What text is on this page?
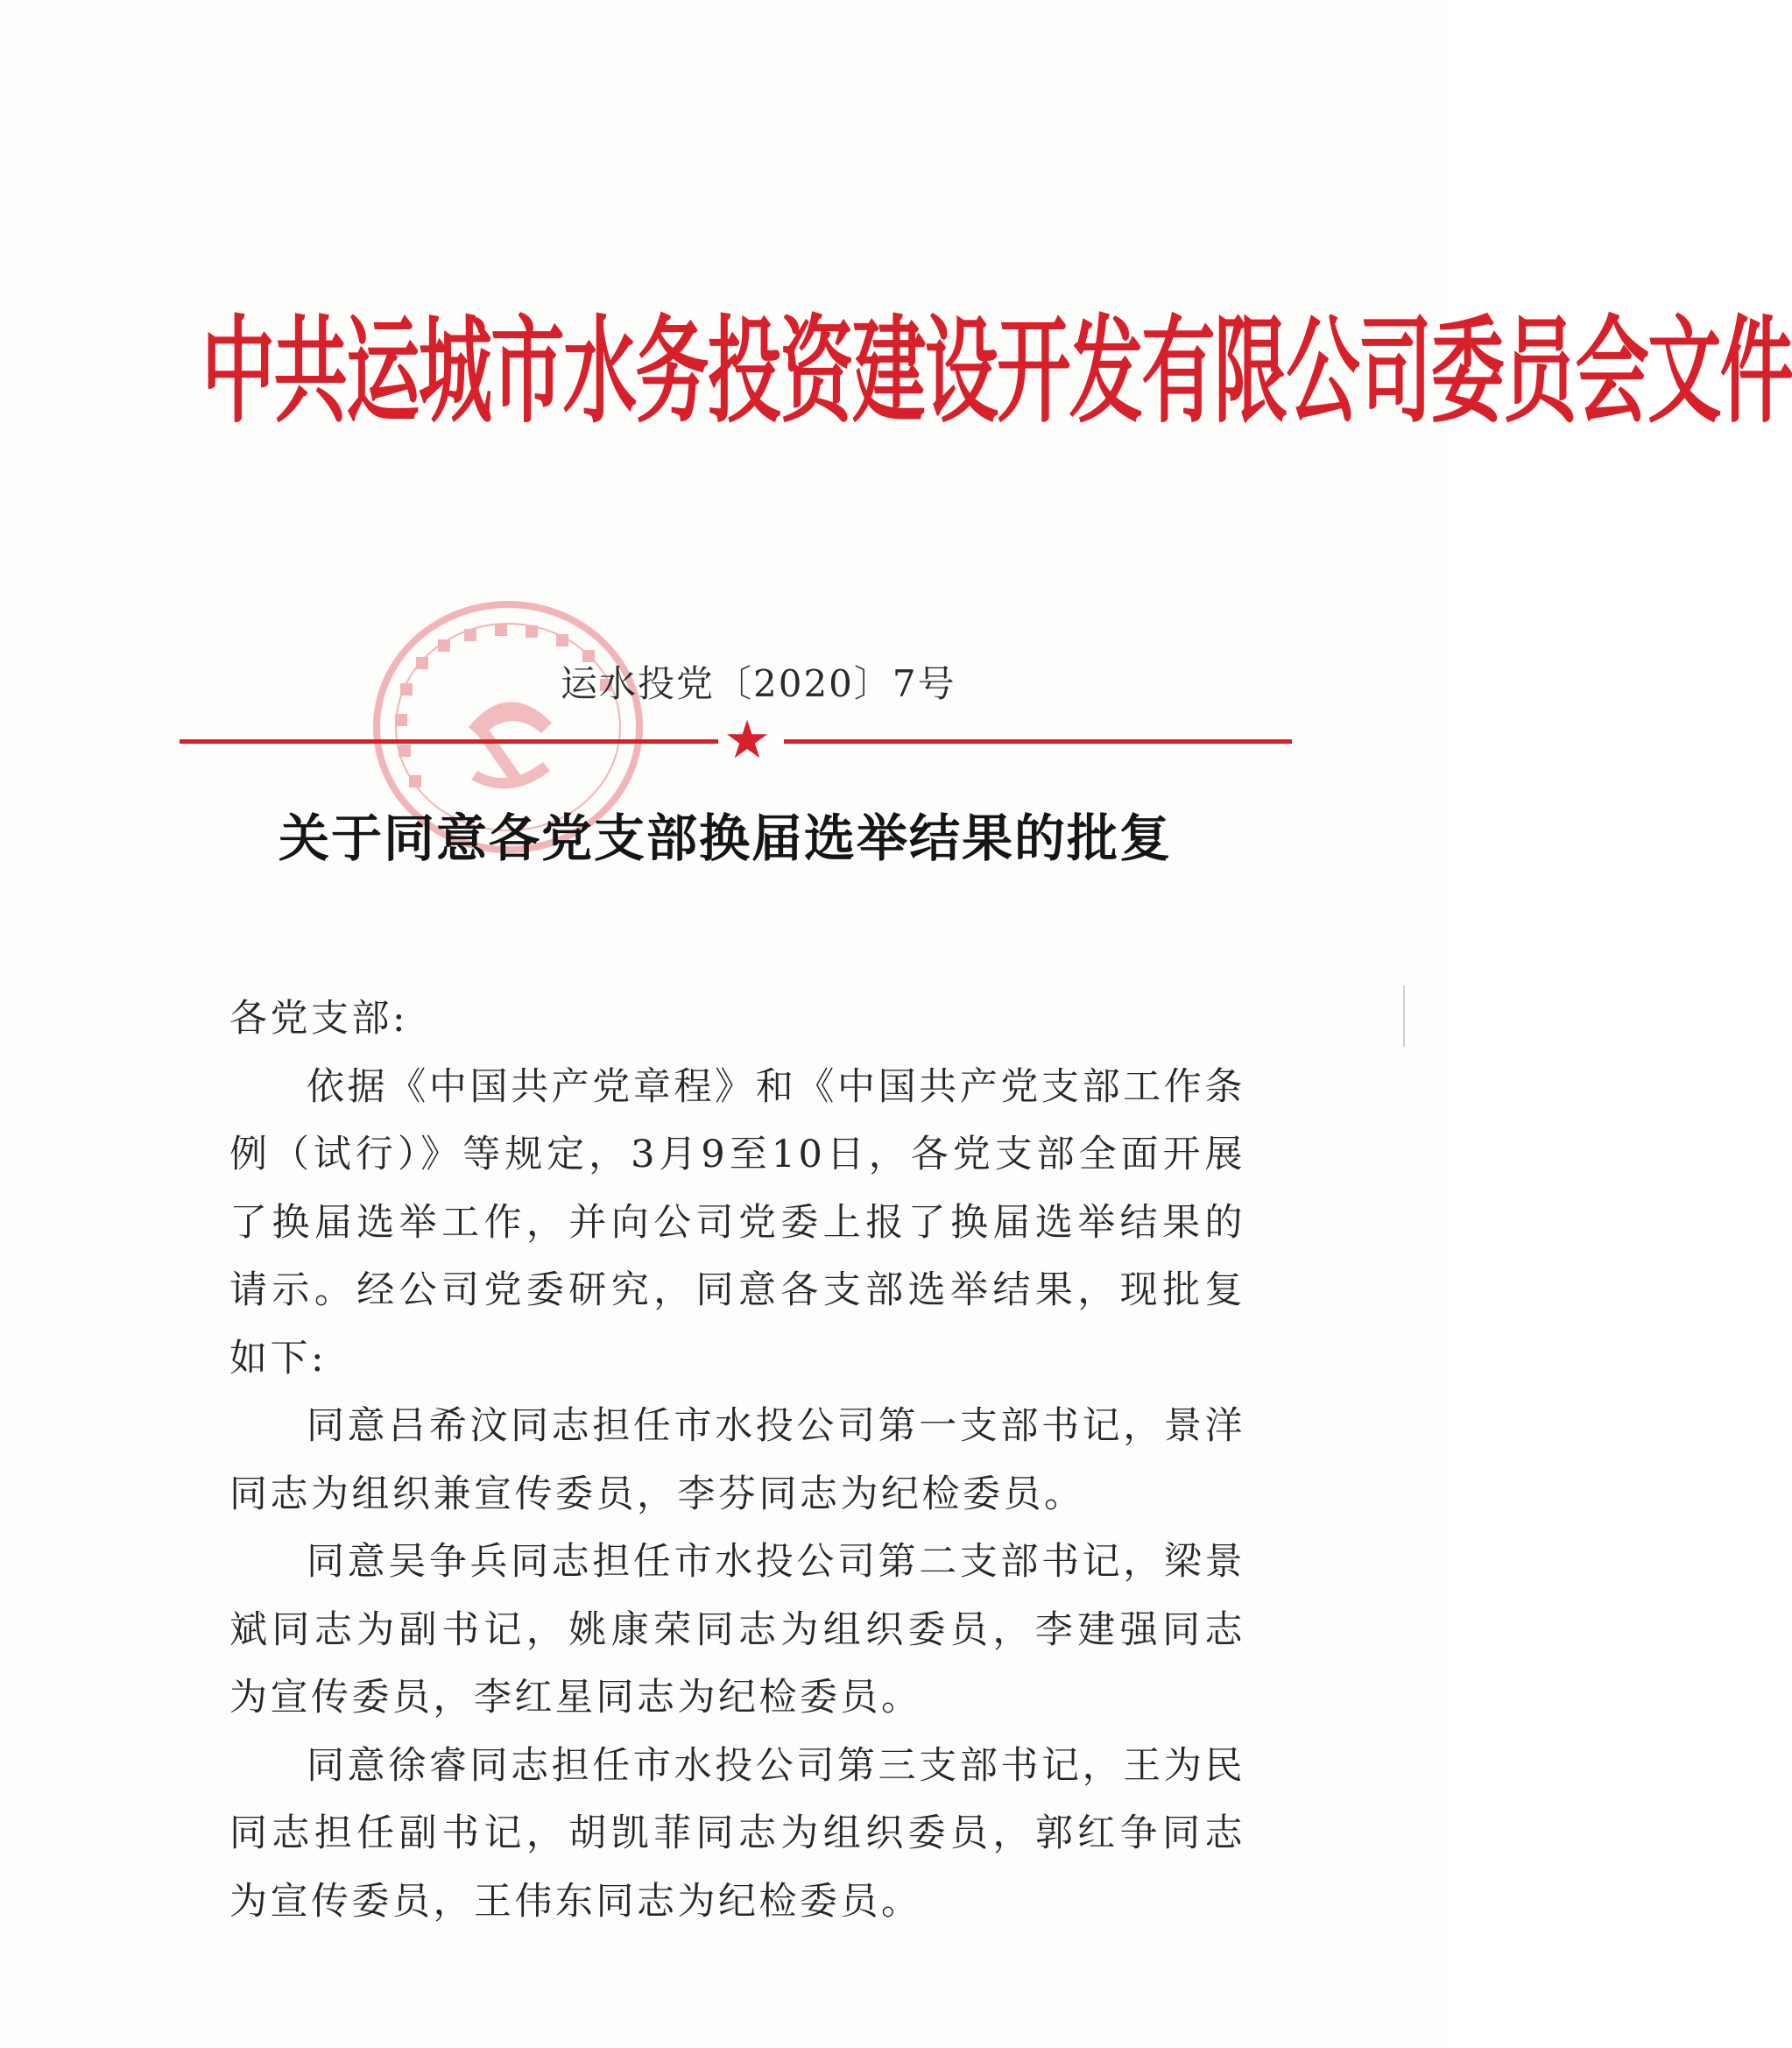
中共运城市水务投资建设开发有限公司委员会文件
运水投党〔2020〕7号
★
关于同意各党支部换届选举结果的批复

各党支部:

依据《中国共产党章程》和《中国共产党支部工作条例（试行）》等规定，3月9至10日，各党支部全面开展了换届选举工作，并向公司党委上报了换届选举结果的请示。经公司党委研究，同意各支部选举结果，现批复如下:

同意吕希汶同志担任市水投公司第一支部书记，景洋同志为组织兼宣传委员，李芬同志为纪检委员。

同意吴争兵同志担任市水投公司第二支部书记，梁景斌同志为副书记，姚康荣同志为组织委员，李建强同志为宣传委员，李红星同志为纪检委员。

同意徐睿同志担任市水投公司第三支部书记，王为民同志担任副书记，胡凯菲同志为组织委员，郭红争同志为宣传委员，王伟东同志为纪检委员。
